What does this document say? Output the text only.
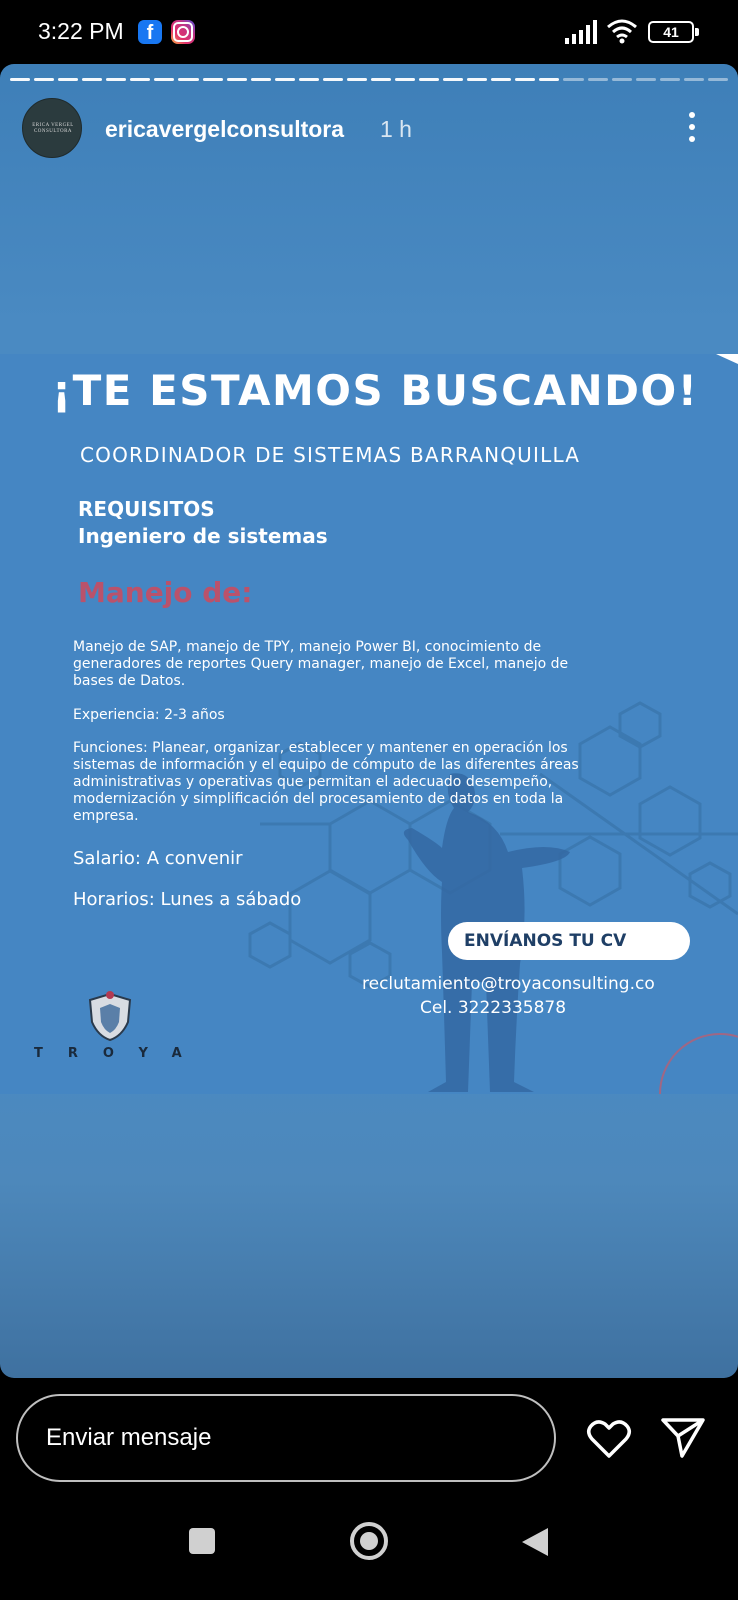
3:22 PM	f	41
ERICA VERGEL CONSULTORA ericavergelconsultora 1 h
¡TE ESTAMOS BUSCANDO!
COORDINADOR DE SISTEMAS BARRANQUILLA
REQUISITOS
Ingeniero de sistemas
Manejo de:
Manejo de SAP, manejo de TPY, manejo Power BI, conocimiento de generadores de reportes Query manager, manejo de Excel, manejo de bases de Datos.
Experiencia: 2-3 años
Funciones: Planear, organizar, establecer y mantener en operación los sistemas de información y el equipo de cómputo de las diferentes áreas administrativas y operativas que permitan el adecuado desempeño, modernización y simplificación del procesamiento de datos en toda la empresa.
Salario: A convenir
Horarios: Lunes a sábado
ENVÍANOS TU CV
reclutamiento@troyaconsulting.co
Cel. 3222335878
TROYA
Enviar mensaje
